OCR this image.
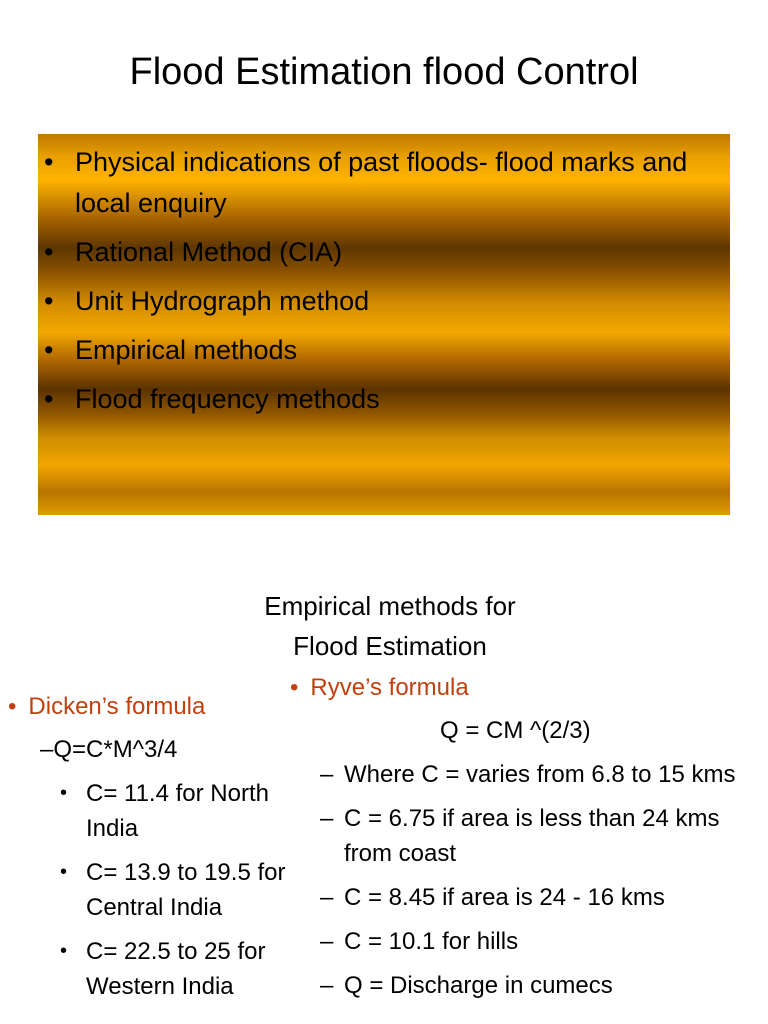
Flood Estimation flood Control
• Physical indications of past floods- flood marks and local enquiry
• Rational Method (CIA)
• Unit Hydrograph method
• Empirical methods
• Flood frequency methods
Empirical methods for
Flood Estimation
• Dicken’s formula
–Q=C*M^3/4
• C= 11.4 for North India
• C= 13.9 to 19.5 for Central India
• C= 22.5 to 25 for Western India
• Ryve’s formula
Q = CM ^(2/3)
– Where C = varies from 6.8 to 15 kms
– C = 6.75 if area is less than 24 kms from coast
– C = 8.45 if area is 24 - 16 kms
– C = 10.1 for hills
– Q = Discharge in cumecs
